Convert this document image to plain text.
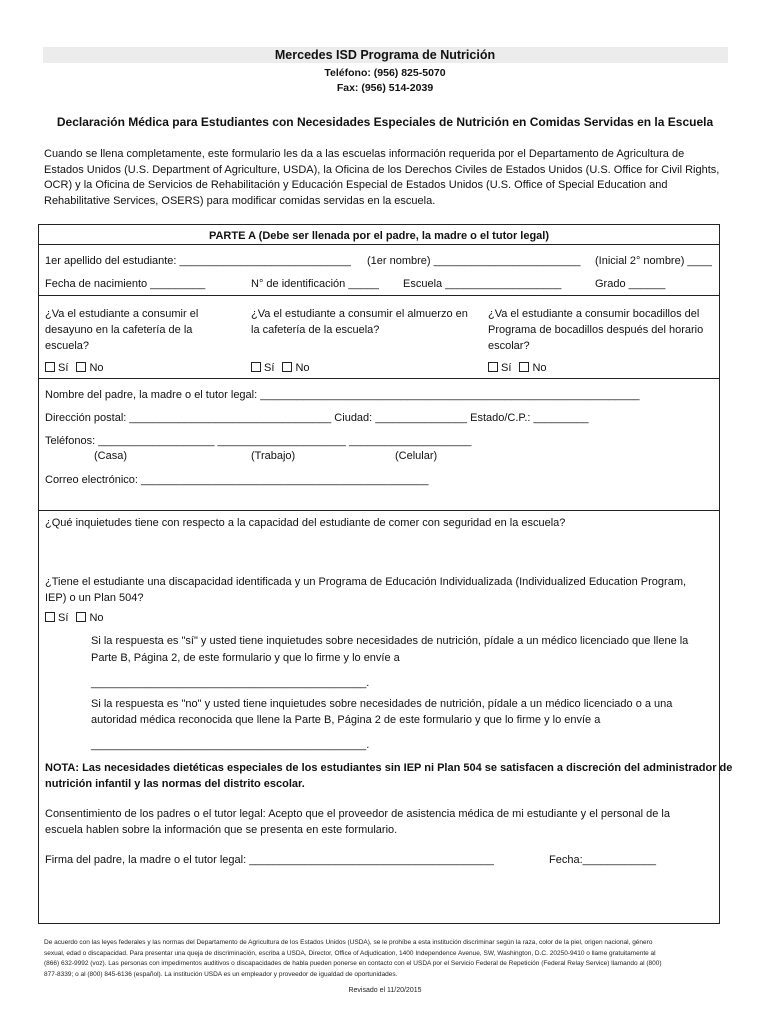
Mercedes ISD Programa de Nutrición
Teléfono: (956) 825-5070
Fax: (956) 514-2039
Declaración Médica para Estudiantes con Necesidades Especiales de Nutrición en Comidas Servidas en la Escuela
Cuando se llena completamente, este formulario les da a las escuelas información requerida por el Departamento de Agricultura de
Estados Unidos (U.S. Department of Agriculture, USDA), la Oficina de los Derechos Civiles de Estados Unidos (U.S. Office for Civil Rights,
OCR) y la Oficina de Servicios de Rehabilitación y Educación Especial de Estados Unidos (U.S. Office of Special Education and
Rehabilitative Services, OSERS) para modificar comidas servidas en la escuela.
PARTE A (Debe ser llenada por el padre, la madre o el tutor legal)
1er apellido del estudiante: ____________________________ (1er nombre) ________________________ (Inicial 2° nombre) ____
Fecha de nacimiento _________	N° de identificación _____ Escuela ___________________	Grado ______
¿Va el estudiante a consumir el desayuno en la cafetería de la escuela?
¿Va el estudiante a consumir el almuerzo en la cafetería de la escuela?
¿Va el estudiante a consumir bocadillos del Programa de bocadillos después del horario escolar?
Sí No	Sí No	Sí No
Nombre del padre, la madre o el tutor legal: ______________________________________________________________
Dirección postal: _________________________________ Ciudad: _______________ Estado/C.P.: _________
Teléfonos: ___________________ _____________________ ____________________
(Casa)	(Trabajo)	(Celular)
Correo electrónico: _______________________________________________
¿Qué inquietudes tiene con respecto a la capacidad del estudiante de comer con seguridad en la escuela?
¿Tiene el estudiante una discapacidad identificada y un Programa de Educación Individualizada (Individualized Education Program,
IEP) o un Plan 504?
Sí No
Si la respuesta es "sí" y usted tiene inquietudes sobre necesidades de nutrición, pídale a un médico licenciado que llene la
Parte B, Página 2, de este formulario y que lo firme y lo envíe a
_____________________________________________.
Si la respuesta es "no" y usted tiene inquietudes sobre necesidades de nutrición, pídale a un médico licenciado o a una
autoridad médica reconocida que llene la Parte B, Página 2 de este formulario y que lo firme y lo envíe a
_____________________________________________.
NOTA: Las necesidades dietéticas especiales de los estudiantes sin IEP ni Plan 504 se satisfacen a discreción del administrador de
nutrición infantil y las normas del distrito escolar.
Consentimiento de los padres o el tutor legal: Acepto que el proveedor de asistencia médica de mi estudiante y el personal de la
escuela hablen sobre la información que se presenta en este formulario.
Firma del padre, la madre o el tutor legal: ________________________________________	Fecha:____________
De acuerdo con las leyes federales y las normas del Departamento de Agricultura de los Estados Unidos (USDA), se le prohíbe a esta institución discriminar según la raza, color de la piel, origen nacional, género
sexual, edad o discapacidad. Para presentar una queja de discriminación, escriba a USDA, Director, Office of Adjudication, 1400 Independence Avenue, SW, Washington, D.C. 20250-9410 o llame gratuitamente al
(866) 632-9992 (voz). Las personas con impedimentos auditivos o discapacidades de habla pueden ponerse en contacto con el USDA por el Servicio Federal de Repetición (Federal Relay Service) llamando al (800)
877-8339; o al (800) 845-6136 (español). La institución USDA es un empleador y proveedor de igualdad de oportunidades.
Revisado el 11/20/2015
